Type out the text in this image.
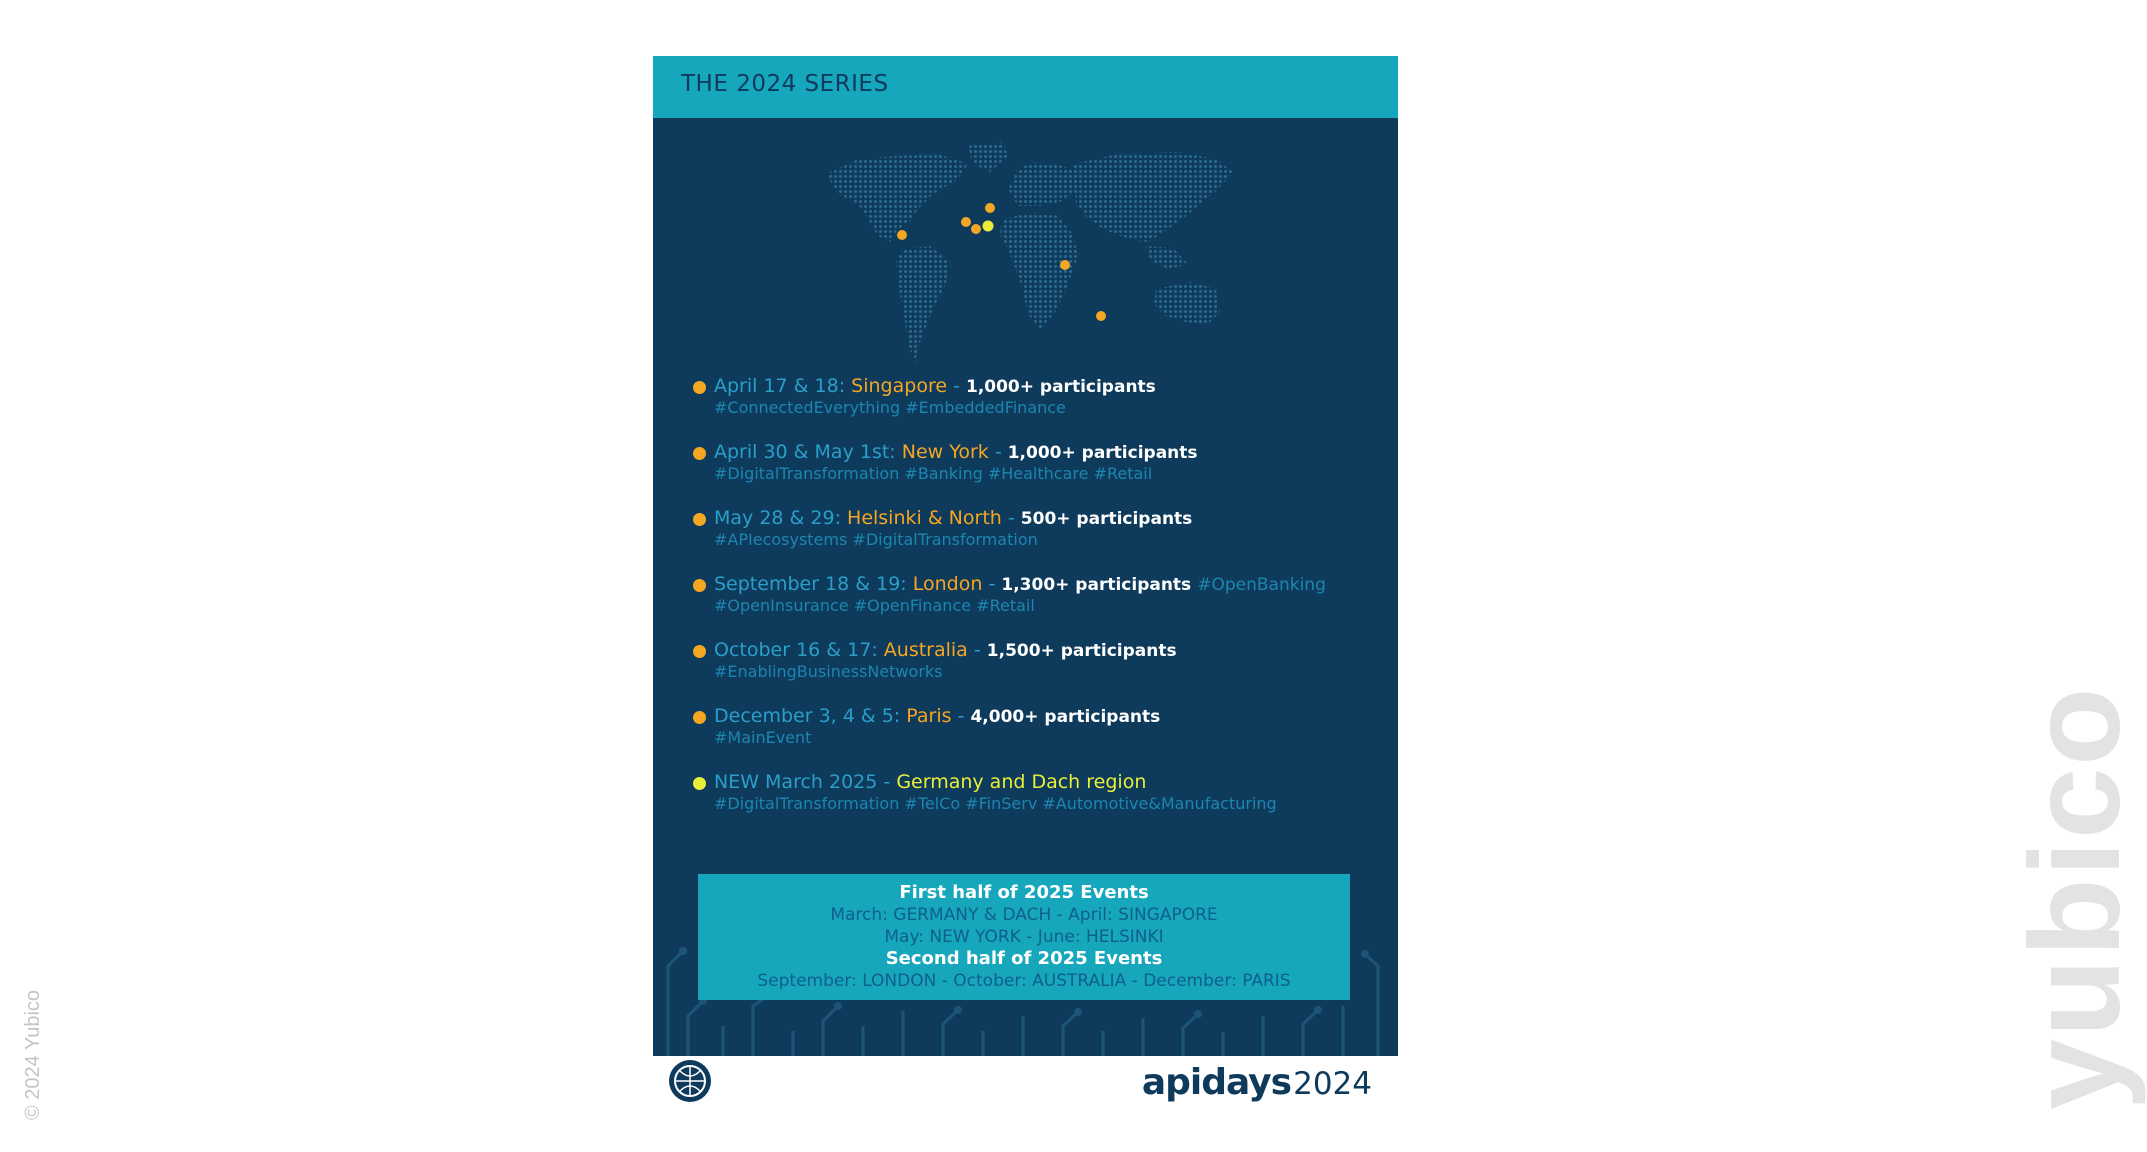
THE 2024 SERIES
April 17 & 18: Singapore - 1,000+ participants
#ConnectedEverything #EmbeddedFinance
April 30 & May 1st: New York - 1,000+ participants
#DigitalTransformation #Banking #Healthcare #Retail
May 28 & 29: Helsinki & North - 500+ participants
#APIecosystems #DigitalTransformation
September 18 & 19: London - 1,300+ participants #OpenBanking
#OpenInsurance #OpenFinance #Retail
October 16 & 17: Australia - 1,500+ participants
#EnablingBusinessNetworks
December 3, 4 & 5: Paris - 4,000+ participants
#MainEvent
NEW March 2025 - Germany and Dach region
#DigitalTransformation #TelCo #FinServ #Automotive&Manufacturing
First half of 2025 Events
March: GERMANY & DACH - April: SINGAPORE
May: NEW YORK - June: HELSINKI
Second half of 2025 Events
September: LONDON - October: AUSTRALIA - December: PARIS
apidays2024
© 2024 Yubico	yubico
